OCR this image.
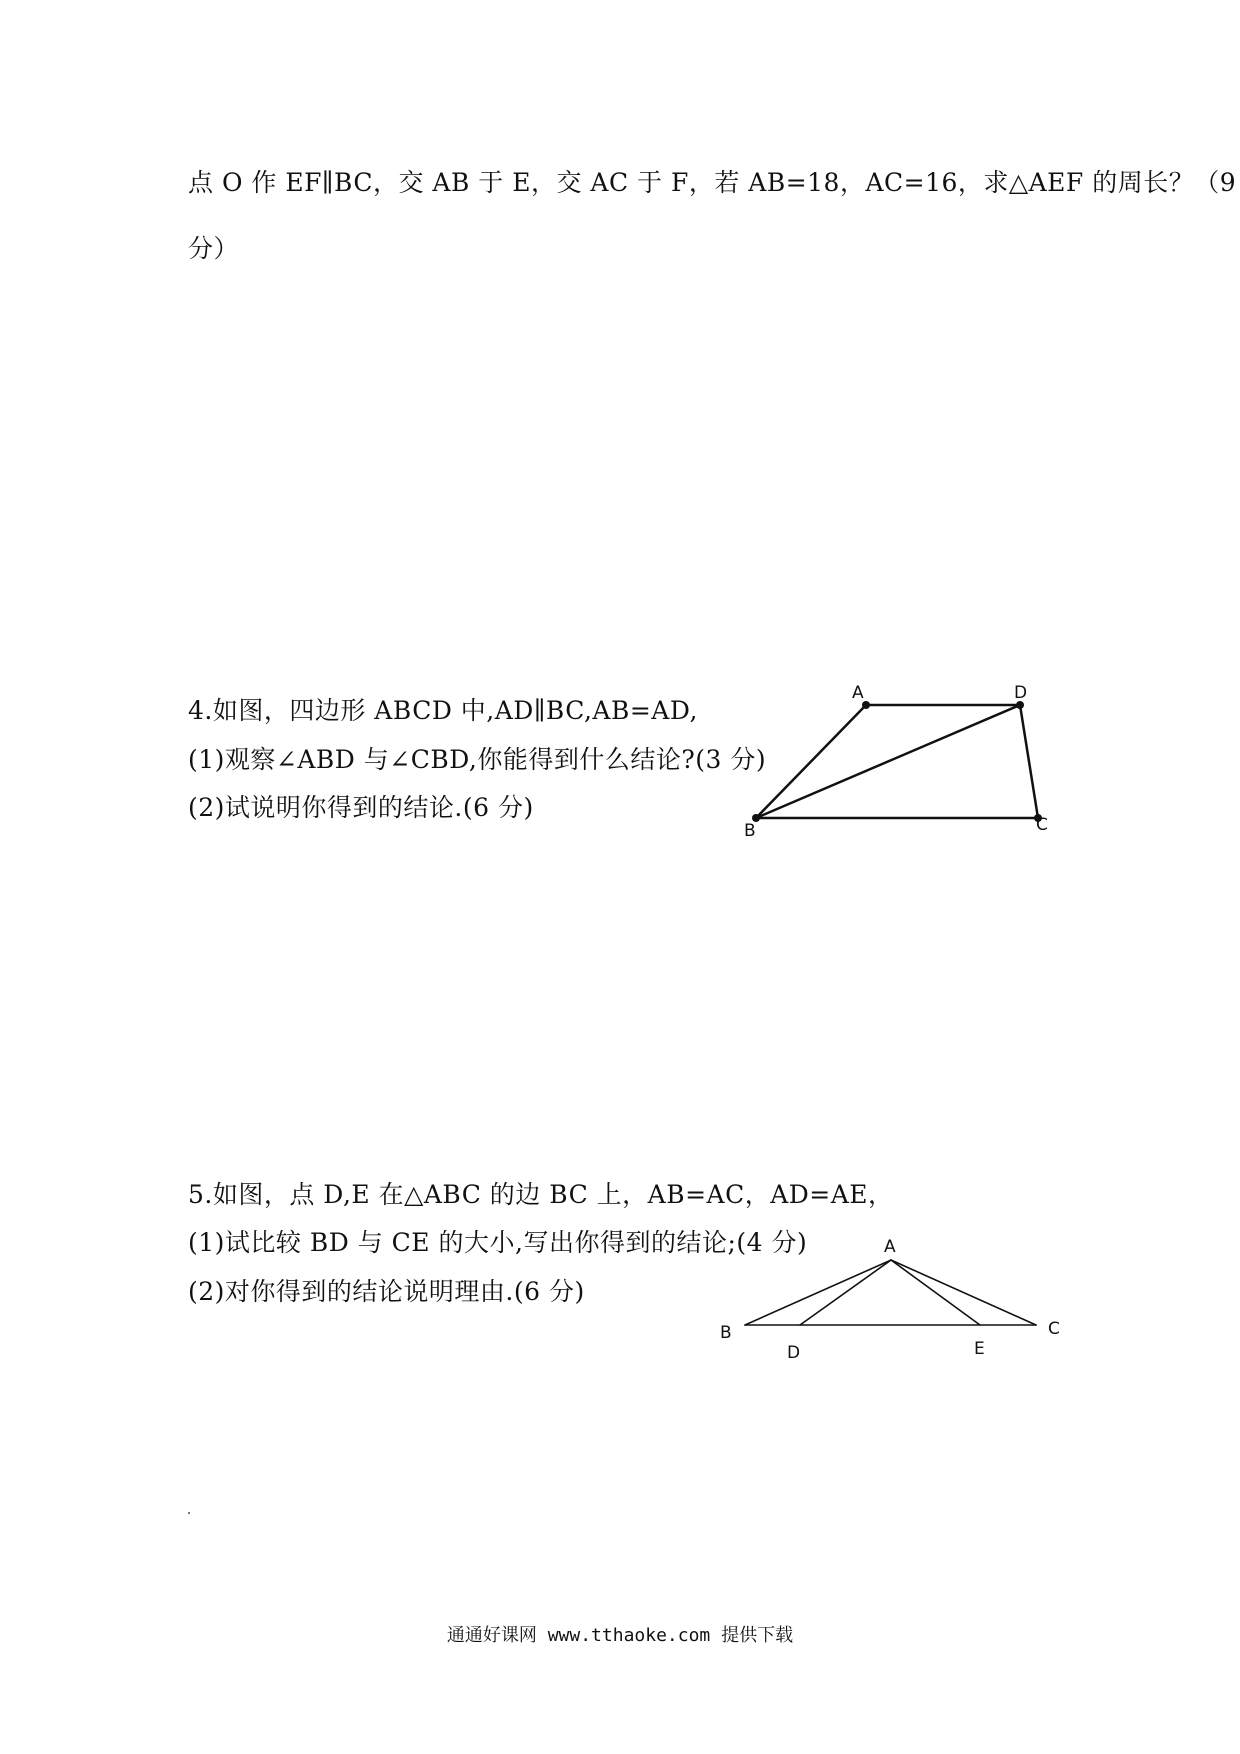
点 O 作 EF∥BC，交 AB 于 E，交 AC 于 F，若 AB=18，AC=16，求△AEF 的周长？（9
分）
4.如图，四边形 ABCD 中,AD∥BC,AB=AD,
(1)观察∠ABD 与∠CBD,你能得到什么结论?(3 分)
(2)试说明你得到的结论.(6 分)
A	D
B	C
5.如图，点 D,E 在△ABC 的边 BC 上，AB=AC，AD=AE，
(1)试比较 BD 与 CE 的大小,写出你得到的结论;(4 分)
(2)对你得到的结论说明理由.(6 分)
A
B	C
D	E
通通好课网 www.tthaoke.com 提供下载
